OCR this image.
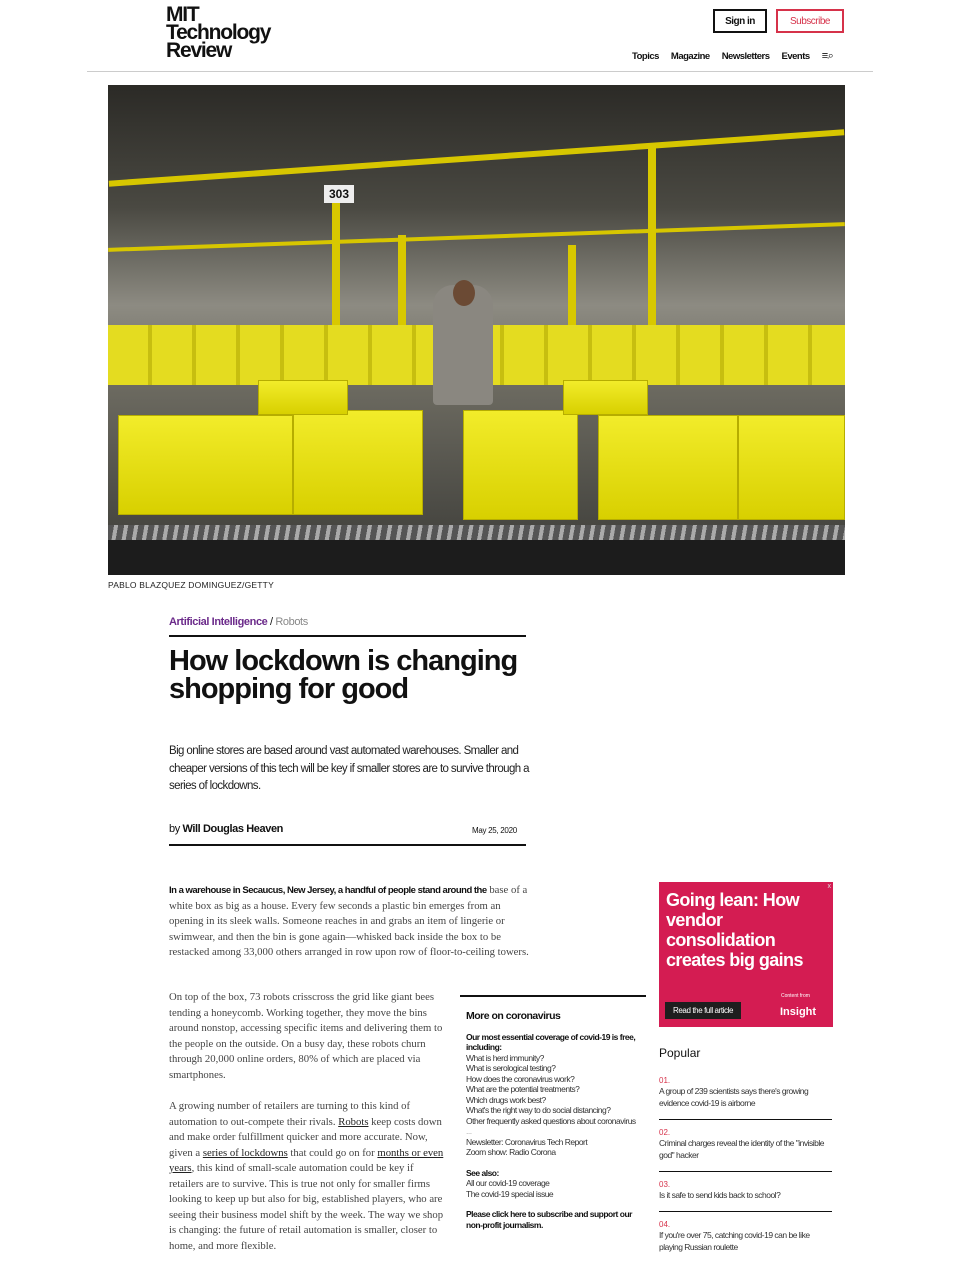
MIT
Technology
Review
Sign in	Subscribe
Topics Magazine Newsletters Events ≡⌕
303
PABLO BLAZQUEZ DOMINGUEZ/GETTY
Artificial Intelligence / Robots
How lockdown is changing shopping for good

Big online stores are based around vast automated warehouses. Smaller and cheaper versions of this tech will be key if smaller stores are to survive through a series of lockdowns.

by Will Douglas Heaven	May 25, 2020

In a warehouse in Secaucus, New Jersey, a handful of people stand around the base of a white box as big as a house. Every few seconds a plastic bin emerges from an opening in its sleek walls. Someone reaches in and grabs an item of lingerie or swimwear, and then the bin is gone again—whisked back inside the box to be restacked among 33,000 others arranged in row upon row of floor-to-ceiling towers.

On top of the box, 73 robots crisscross the grid like giant bees tending a honeycomb. Working together, they move the bins around nonstop, accessing specific items and delivering them to the people on the outside. On a busy day, these robots churn through 20,000 online orders, 80% of which are placed via smartphones.

A growing number of retailers are turning to this kind of automation to out-compete their rivals. Robots keep costs down and make order fulfillment quicker and more accurate. Now, given a series of lockdowns that could go on for months or even years, this kind of small-scale automation could be key if retailers are to survive. This is true not only for smaller firms looking to keep up but also for big, established players, who are seeing their business model shift by the week. The way we shop is changing: the future of retail automation is smaller, closer to home, and more flexible.

More on coronavirus
Our most essential coverage of covid-19 is free, including:
What is herd immunity?
What is serological testing?
How does the coronavirus work?
What are the potential treatments?
Which drugs work best?
What's the right way to do social distancing?
Other frequently asked questions about coronavirus
...
Newsletter: Coronavirus Tech Report
Zoom show: Radio Corona
See also:
All our covid-19 coverage
The covid-19 special issue
Please click here to subscribe and support our non-profit journalism.
x
Going lean: How vendor consolidation creates big gains
Read the full article
Content from
Insight
Popular
01.
A group of 239 scientists says there's growing evidence covid-19 is airborne
02.
Criminal charges reveal the identity of the "invisible god" hacker
03.
Is it safe to send kids back to school?
04.
If you're over 75, catching covid-19 can be like playing Russian roulette
